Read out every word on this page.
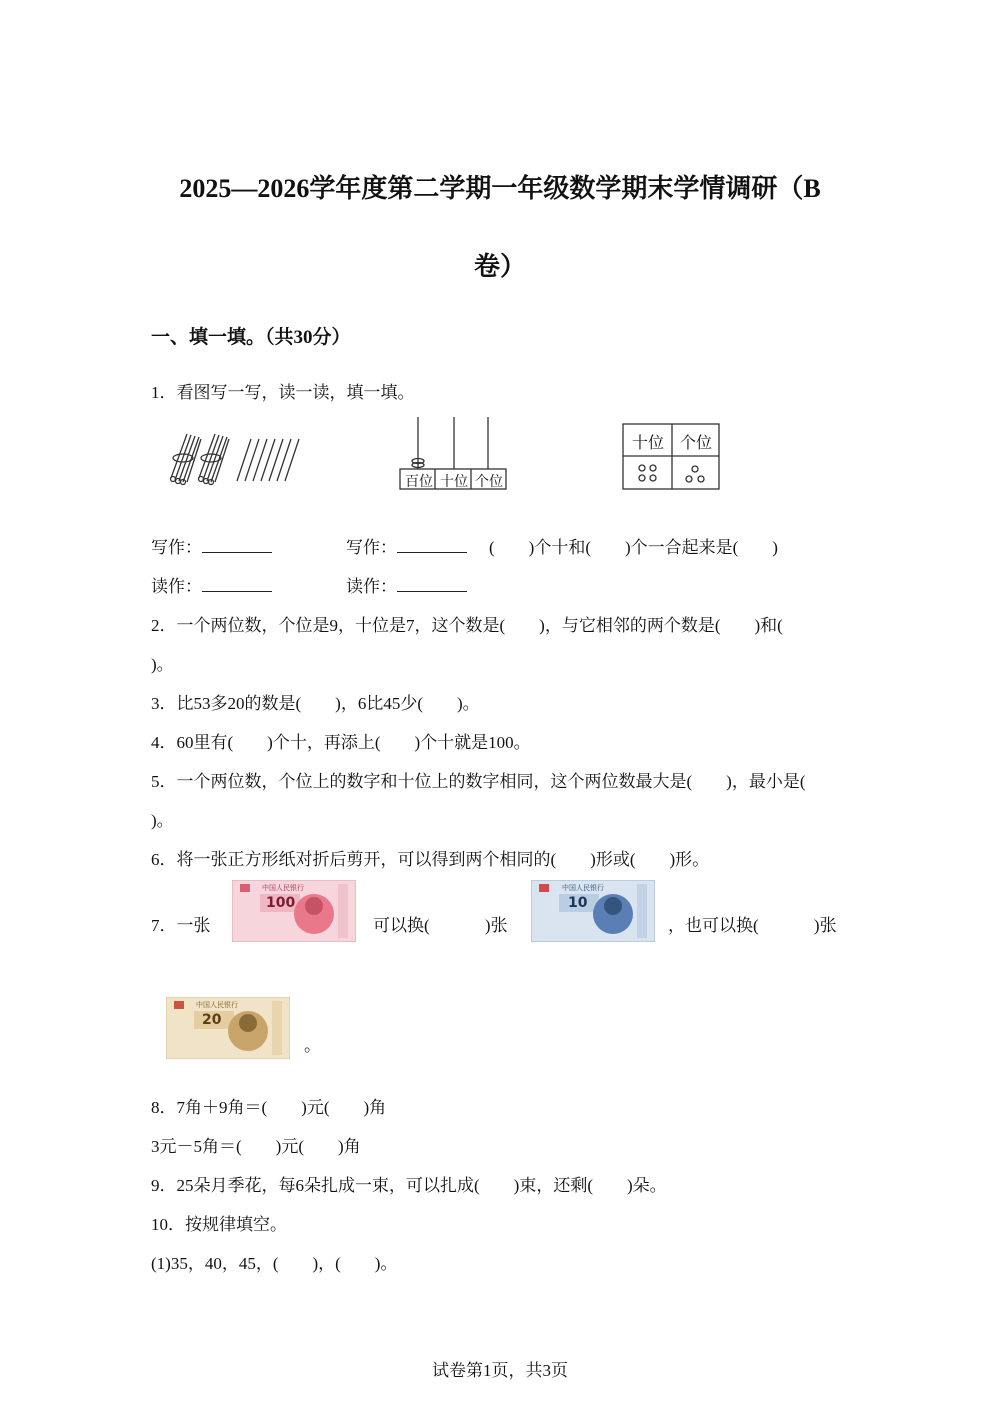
2025—2026学年度第二学期一年级数学期末学情调研（B
卷）
一、填一填。（共30分）
1．看图写一写，读一读，填一填。
百位 十位 个位
十位 个位
写作：	写作：	(        )个十和(        )个一合起来是(        )
读作：	读作：
2．一个两位数，个位是9，十位是7，这个数是(        )，与它相邻的两个数是(        )和(
)。
3．比53多20的数是(        )，6比45少(        )。
4．60里有(        )个十，再添上(        )个十就是100。
5．一个两位数，个位上的数字和十位上的数字相同，这个两位数最大是(        )，最小是(
)。
6．将一张正方形纸对折后剪开，可以得到两个相同的(        )形或(        )形。
7．一张
中国人民银行
100
可以换(             )张
中国人民银行
10
，也可以换(             )张
中国人民银行
20
。
8．7角＋9角＝(        )元(        )角
3元－5角＝(        )元(        )角
9．25朵月季花，每6朵扎成一束，可以扎成(        )束，还剩(        )朵。
10．按规律填空。
(1)35，40，45，(        )，(        )。
试卷第1页，共3页
